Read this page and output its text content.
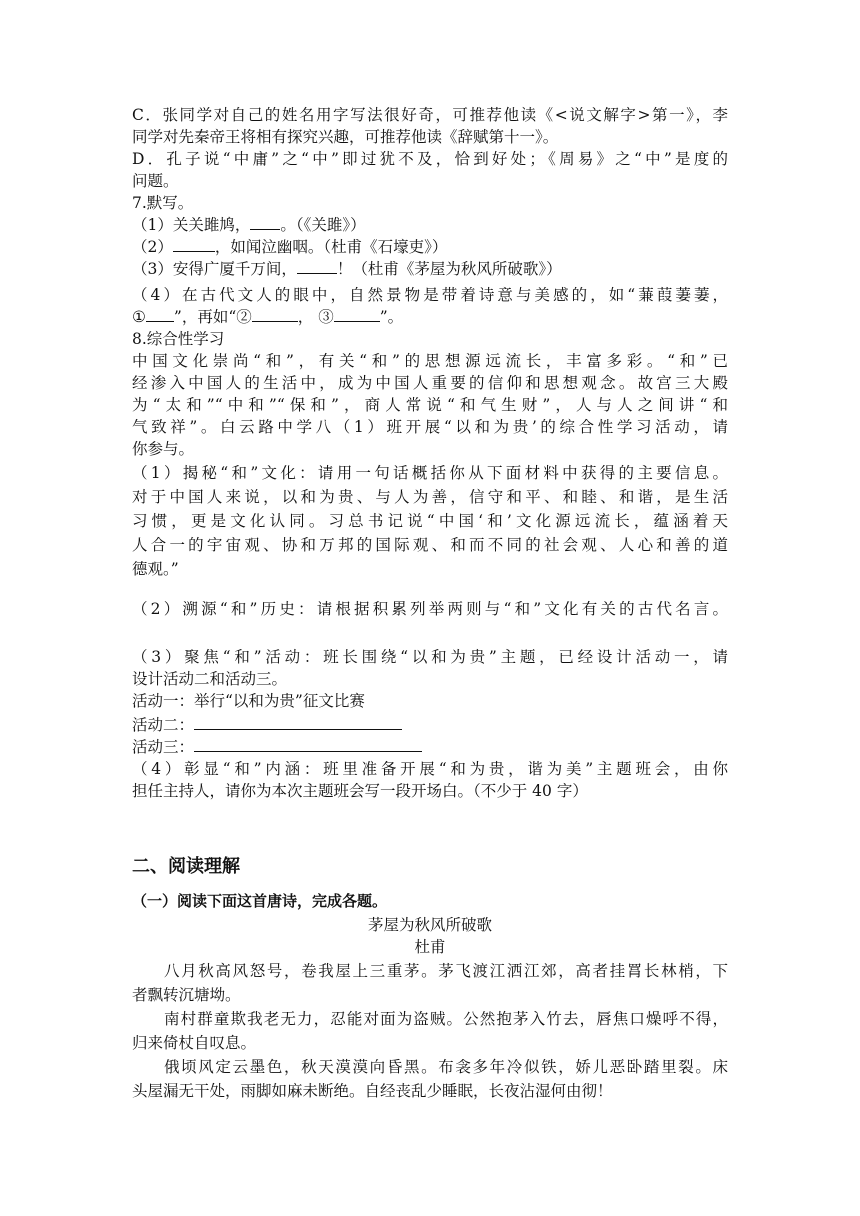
C．张同学对自己的姓名用字写法很好奇，可推荐他读《<说文解字>第一》，李
同学对先秦帝王将相有探究兴趣，可推荐他读《辞赋第十一》。
D．孔子说“中庸”之“中”即过犹不及，恰到好处；《周易》之“中”是度的
问题。
7.默写。
（1）关关雎鸠， 。（《关雎》）
（2）	，如闻泣幽咽。（杜甫《石壕吏》）
（3）安得广厦千万间，	！（杜甫《茅屋为秋风所破歌》）
（4）在古代文人的眼中，自然景物是带着诗意与美感的，如“蒹葭萋萋，
① ”，再如“②	， ③	”。
8.综合性学习
中国文化崇尚“和”，有关“和”的思想源远流长，丰富多彩。“和”已
经渗入中国人的生活中，成为中国人重要的信仰和思想观念。故宫三大殿
为“太和”“中和”“保和”，商人常说“和气生财”，人与人之间讲“和
气致祥”。白云路中学八（1）班开展“以和为贵’的综合性学习活动，请
你参与。
（1）揭秘“和”文化：请用一句话概括你从下面材料中获得的主要信息。
对于中国人来说，以和为贵、与人为善，信守和平、和睦、和谐，是生活
习惯，更是文化认同。习总书记说“中国‘和’文化源远流长，蕴涵着天
人合一的宇宙观、协和万邦的国际观、和而不同的社会观、人心和善的道
德观。”
（2）溯源“和”历史：请根据积累列举两则与“和”文化有关的古代名言。
（3）聚焦“和”活动：班长围绕“以和为贵”主题，已经设计活动一，请
设计活动二和活动三。
活动一：举行“以和为贵”征文比赛
活动二：
活动三：
（4）彰显“和”内涵：班里准备开展“和为贵，谐为美”主题班会，由你
担任主持人，请你为本次主题班会写一段开场白。（不少于 40 字）
二、阅读理解
（一）阅读下面这首唐诗，完成各题。
茅屋为秋风所破歌
杜甫
八月秋高风怒号，卷我屋上三重茅。茅飞渡江洒江郊，高者挂罥长林梢，下
者飘转沉塘坳。
南村群童欺我老无力，忍能对面为盗贼。公然抱茅入竹去，唇焦口燥呼不得，
归来倚杖自叹息。
俄顷风定云墨色，秋天漠漠向昏黑。布衾多年冷似铁，娇儿恶卧踏里裂。床
头屋漏无干处，雨脚如麻未断绝。自经丧乱少睡眠，长夜沾湿何由彻！
